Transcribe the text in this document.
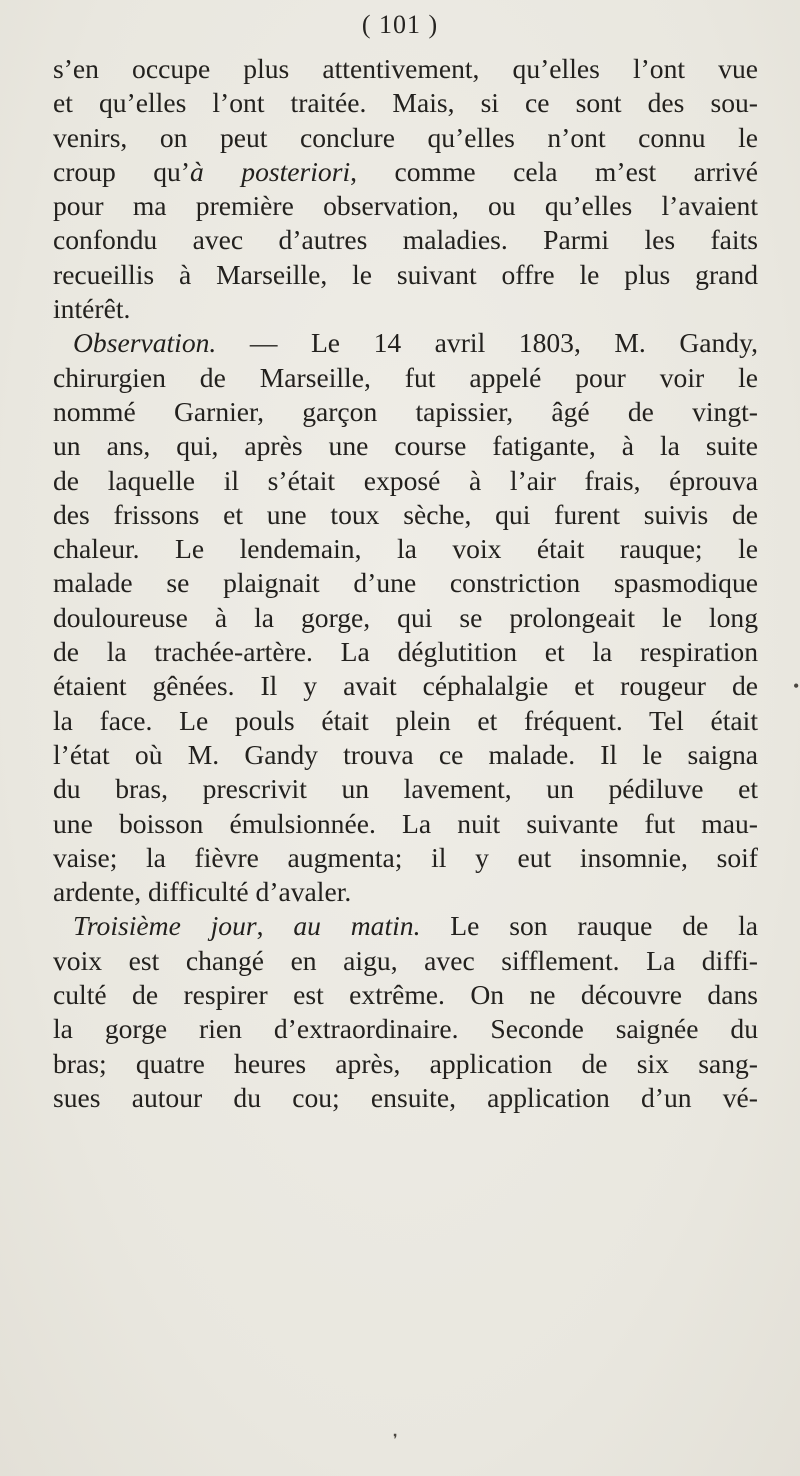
( 101 )
s’en occupe plus attentivement, qu’elles l’ont vue
et qu’elles l’ont traitée. Mais, si ce sont des sou-
venirs, on peut conclure qu’elles n’ont connu le
croup qu’à posteriori, comme cela m’est arrivé
pour ma première observation, ou qu’elles l’avaient
confondu avec d’autres maladies. Parmi les faits
recueillis à Marseille, le suivant offre le plus grand
intérêt.
Observation. — Le 14 avril 1803, M. Gandy,
chirurgien de Marseille, fut appelé pour voir le
nommé Garnier, garçon tapissier, âgé de vingt-
un ans, qui, après une course fatigante, à la suite
de laquelle il s’était exposé à l’air frais, éprouva
des frissons et une toux sèche, qui furent suivis de
chaleur. Le lendemain, la voix était rauque; le
malade se plaignait d’une constriction spasmodique
douloureuse à la gorge, qui se prolongeait le long
de la trachée-artère. La déglutition et la respiration
étaient gênées. Il y avait céphalalgie et rougeur de
la face. Le pouls était plein et fréquent. Tel était
l’état où M. Gandy trouva ce malade. Il le saigna
du bras, prescrivit un lavement, un pédiluve et
une boisson émulsionnée. La nuit suivante fut mau-
vaise; la fièvre augmenta; il y eut insomnie, soif
ardente, difficulté d’avaler.
Troisième jour, au matin. Le son rauque de la
voix est changé en aigu, avec sifflement. La diffi-
culté de respirer est extrême. On ne découvre dans
la gorge rien d’extraordinaire. Seconde saignée du
bras; quatre heures après, application de six sang-
sues autour du cou; ensuite, application d’un vé-
•
❜
